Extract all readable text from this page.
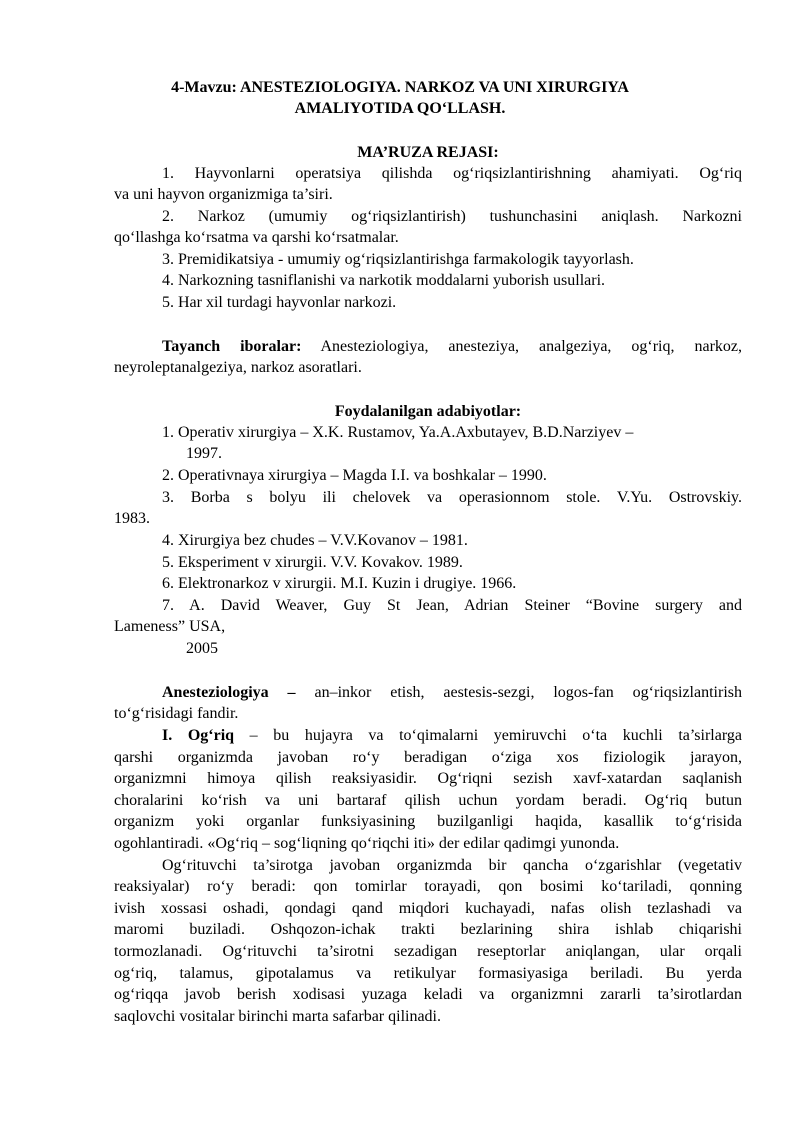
4-Mavzu: ANESTEZIOLOGIYA. NARKOZ VA UNI XIRURGIYA
AMALIYOTIDA QO‘LLASH.
MA’RUZA REJASI:
1. Hayvonlarni operatsiya qilishda og‘riqsizlantirishning ahamiyati. Og‘riq
va uni hayvon organizmiga ta’siri.
2. Narkoz (umumiy og‘riqsizlantirish) tushunchasini aniqlash. Narkozni
qo‘llashga ko‘rsatma va qarshi ko‘rsatmalar.
3. Premidikatsiya - umumiy og‘riqsizlantirishga farmakologik tayyorlash.
4. Narkozning tasniflanishi va narkotik moddalarni yuborish usullari.
5. Har xil turdagi hayvonlar narkozi.
Tayanch iboralar: Anesteziologiya, anesteziya, analgeziya, og‘riq, narkoz,
neyroleptanalgeziya, narkoz asoratlari.
Foydalanilgan adabiyotlar:
1. Operativ xirurgiya – X.K. Rustamov, Ya.A.Axbutayev, B.D.Narziyev –
1997.
2. Operativnaya xirurgiya – Magda I.I. va boshkalar – 1990.
3. Borba s bolyu ili chelovek va operasionnom stole. V.Yu. Ostrovskiy.
1983.
4. Xirurgiya bez chudes – V.V.Kovanov – 1981.
5. Eksperiment v xirurgii. V.V. Kovakov. 1989.
6. Elektronarkoz v xirurgii. M.I. Kuzin i drugiye. 1966.
7. A. David Weaver, Guy St Jean, Adrian Steiner “Bovine surgery and
Lameness” USA,
2005
Anesteziologiya – an–inkor etish, aestesis-sezgi, logos-fan og‘riqsizlantirish
to‘g‘risidagi fandir.
I. Og‘riq – bu hujayra va to‘qimalarni yemiruvchi o‘ta kuchli ta’sirlarga
qarshi organizmda javoban ro‘y beradigan o‘ziga xos fiziologik jarayon,
organizmni himoya qilish reaksiyasidir. Og‘riqni sezish xavf-xatardan saqlanish
choralarini ko‘rish va uni bartaraf qilish uchun yordam beradi. Og‘riq butun
organizm yoki organlar funksiyasining buzilganligi haqida, kasallik to‘g‘risida
ogohlantiradi. «Og‘riq – sog‘liqning qo‘riqchi iti» der edilar qadimgi yunonda.
Og‘rituvchi ta’sirotga javoban organizmda bir qancha o‘zgarishlar (vegetativ
reaksiyalar) ro‘y beradi: qon tomirlar torayadi, qon bosimi ko‘tariladi, qonning
ivish xossasi oshadi, qondagi qand miqdori kuchayadi, nafas olish tezlashadi va
maromi buziladi. Oshqozon-ichak trakti bezlarining shira ishlab chiqarishi
tormozlanadi. Og‘rituvchi ta’sirotni sezadigan reseptorlar aniqlangan, ular orqali
og‘riq, talamus, gipotalamus va retikulyar formasiyasiga beriladi. Bu yerda
og‘riqqa javob berish xodisasi yuzaga keladi va organizmni zararli ta’sirotlardan
saqlovchi vositalar birinchi marta safarbar qilinadi.
